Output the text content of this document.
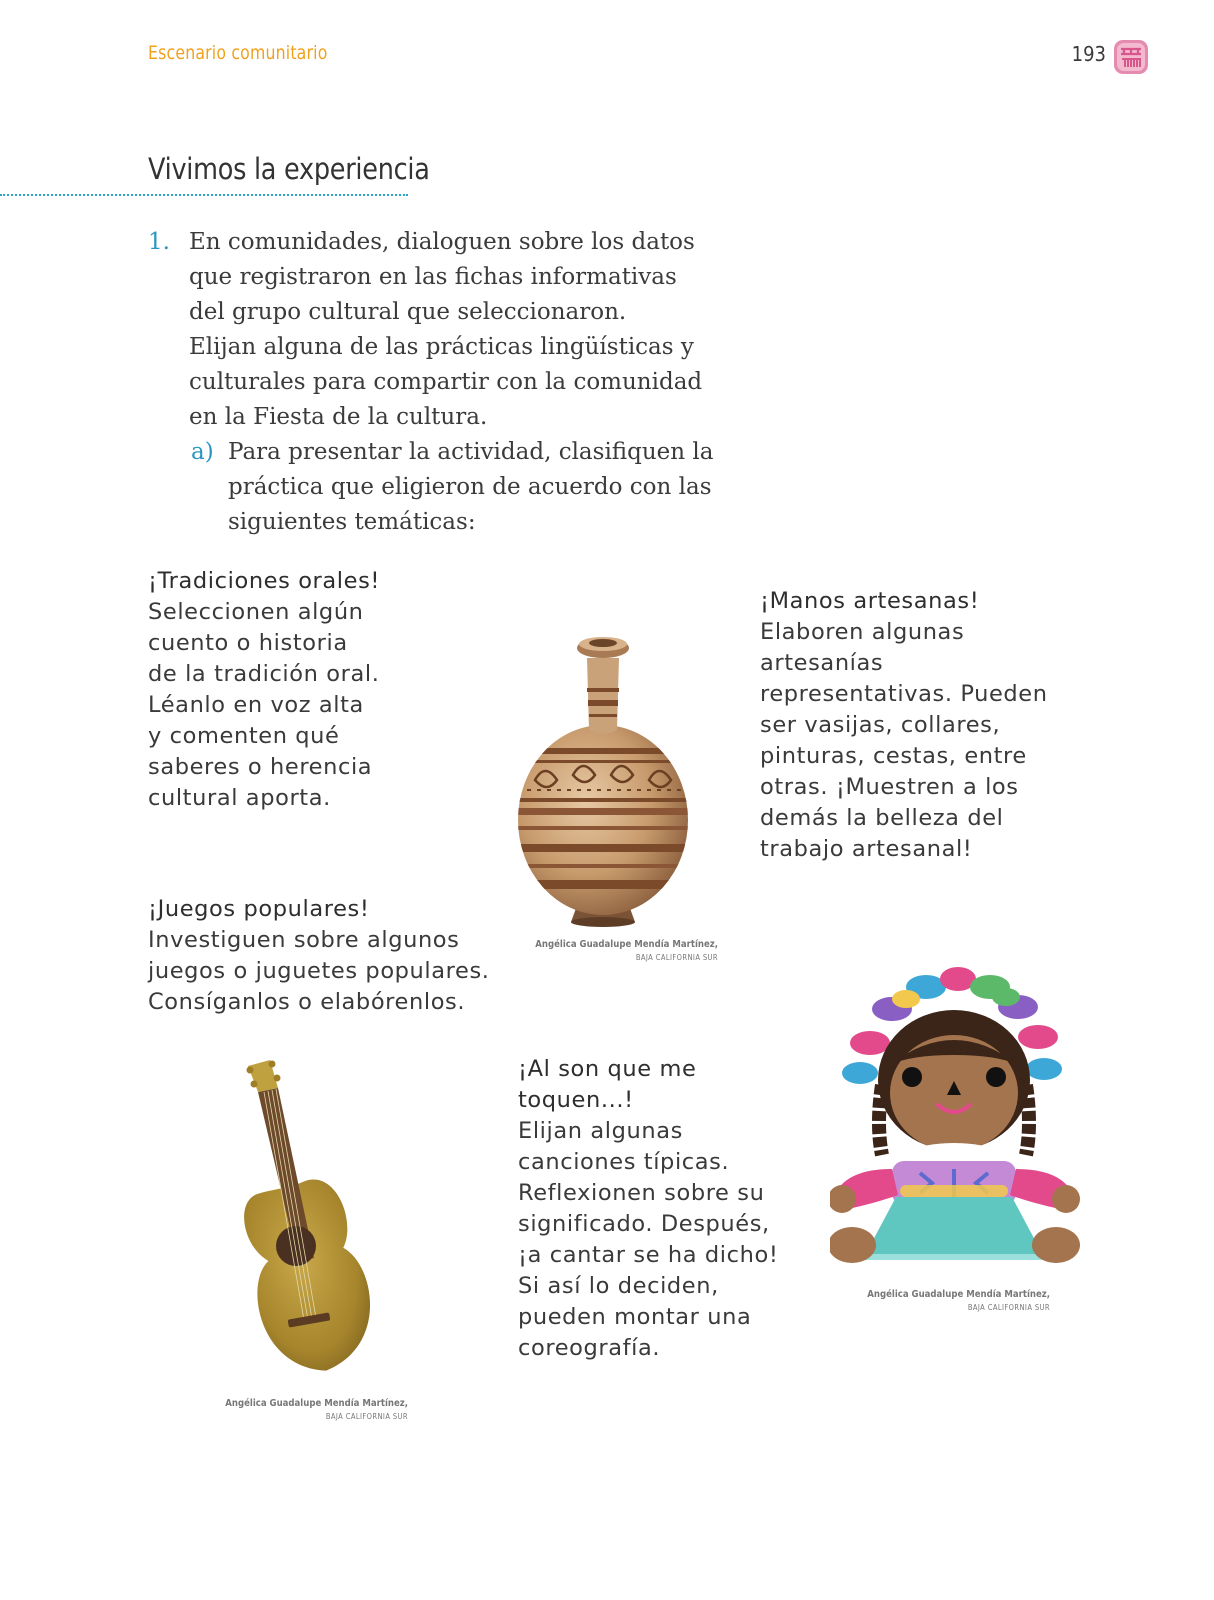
Escenario comunitario	193
Vivimos la experiencia
1. En comunidades, dialoguen sobre los datos
que registraron en las fichas informativas
del grupo cultural que seleccionaron.
Elijan alguna de las prácticas lingüísticas y
culturales para compartir con la comunidad
en la Fiesta de la cultura.
a) Para presentar la actividad, clasifiquen la
práctica que eligieron de acuerdo con las
siguientes temáticas:
¡Tradiciones orales!
Seleccionen algún
cuento o historia
de la tradición oral.
Léanlo en voz alta
y comenten qué
saberes o herencia
cultural aporta.
¡Manos artesanas!
Elaboren algunas
artesanías
representativas. Pueden
ser vasijas, collares,
pinturas, cestas, entre
otras. ¡Muestren a los
demás la belleza del
trabajo artesanal!
¡Juegos populares!
Investiguen sobre algunos
juegos o juguetes populares.
Consíganlos o elabórenlos.
¡Al son que me
toquen...!
Elijan algunas
canciones típicas.
Reflexionen sobre su
significado. Después,
¡a cantar se ha dicho!
Si así lo deciden,
pueden montar una
coreografía.
Angélica Guadalupe Mendía Martínez,
BAJA CALIFORNIA SUR
Angélica Guadalupe Mendía Martínez,
BAJA CALIFORNIA SUR
Angélica Guadalupe Mendía Martínez,
BAJA CALIFORNIA SUR
